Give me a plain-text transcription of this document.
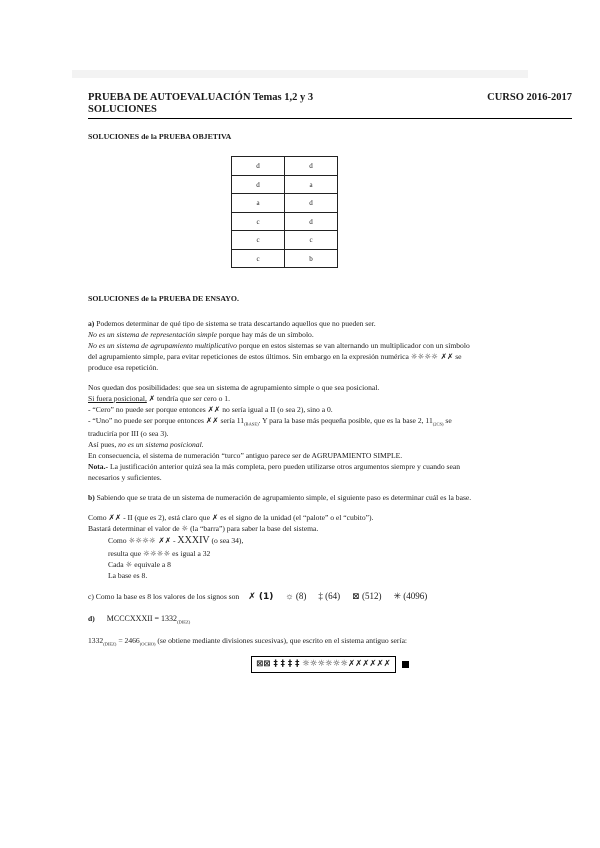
PRUEBA DE AUTOEVALUACIÓN Temas 1,2 y 3
SOLUCIONES
CURSO 2016-2017
SOLUCIONES de la PRUEBA OBJETIVA
d	d
d	a
a	d
c	d
c	c
c	b
SOLUCIONES de la PRUEBA DE ENSAYO.
a) Podemos determinar de qué tipo de sistema se trata descartando aquellos que no pueden ser.
No es un sistema de representación simple porque hay más de un símbolo.
No es un sistema de agrupamiento multiplicativo porque en estos sistemas se van alternando un multiplicador con un símbolo
del agrupamiento simple, para evitar repeticiones de estos últimos. Sin embargo en la expresión numérica ☼☼☼☼ ✗✗ se
produce esa repetición.
Nos quedan dos posibilidades: que sea un sistema de agrupamiento simple o que sea posicional.
Si fuera posicional, ✗ tendría que ser cero o 1.
- “Cero” no puede ser porque entonces ✗✗ no sería igual a II (o sea 2), sino a 0.
- “Uno” no puede ser porque entonces ✗✗ sería $11_{(BASE)}$. Y para la base más pequeña posible, que es la base 2, $11_{(2CS)}$ se
traduciría por III (o sea 3).
Así pues, no es un sistema posicional.
En consecuencia, el sistema de numeración “turco” antiguo parece ser de AGRUPAMIENTO SIMPLE.
Nota.- La justificación anterior quizá sea la más completa, pero pueden utilizarse otros argumentos siempre y cuando sean
necesarios y suficientes.
b) Sabiendo que se trata de un sistema de numeración de agrupamiento simple, el siguiente paso es determinar cuál es la base.
Como ✗✗ - II (que es 2), está claro que ✗ es el signo de la unidad (el “palote” o el “cubito”).
Bastará determinar el valor de ☼ (la “barra”) para saber la base del sistema.
Como ☼☼☼☼ ✗✗ - XXXIV (o sea 34),
resulta que ☼☼☼☼ es igual a 32
Cada ☼ equivale a 8
La base es 8.
c) Como la base es 8 los valores de los signos son ✗ (1) ☼ (8) ‡ (64) ⊠ (512) ✳ (4096)
d) MCCCXXXII = $1332_{(DIEZ)}$
$1332_{(DIEZ)} = 2466_{(OCHO)}$ (se obtiene mediante divisiones sucesivas), que escrito en el sistema antiguo sería:
⊠⊠ ‡ ‡ ‡ ‡ ☼☼☼☼☼☼✗✗✗✗✗✗
